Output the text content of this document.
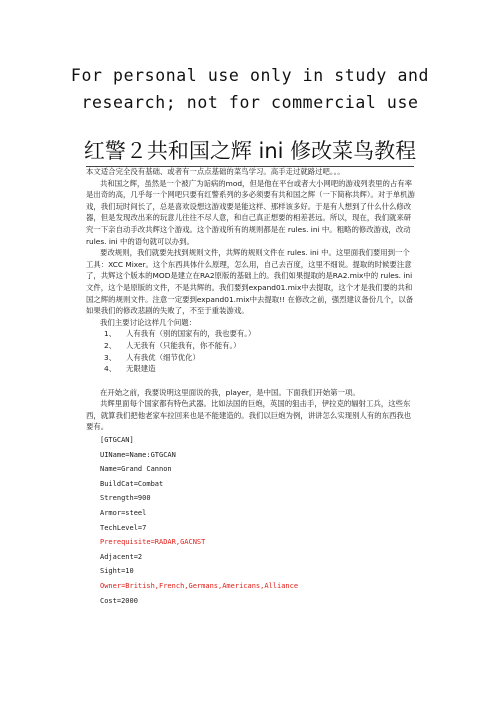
For personal use only in study and
research; not for commercial use
红警２共和国之辉 ini 修改菜鸟教程

本文适合完全没有基础、或者有一点点基础的菜鸟学习。高手走过就路过吧。。。

共和国之辉，虽然是一个被广为诟病的mod，但是他在平台或者大小网吧的游戏列表里的占有率是出奇的高，几乎每一个网吧只要有红警系列的多必须要有共和国之辉（一下简称共辉）。对于单机游戏，我们玩时间长了，总是喜欢设想这游戏要是能这样、那样该多好。于是有人想到了什么什么修改器，但是发现改出来的玩意儿往往不尽人意，和自己真正想要的相差甚远。所以，现在，我们就来研究一下亲自动手改共辉这个游戏。这个游戏所有的规则都是在 rules. ini 中。粗略的修改游戏，改动 rules. ini 中的语句就可以办到。

要改规则，我们就要先找到规则文件，共辉的规则文件在 rules. ini 中。这里面我们要用到一个工具：XCC Mixer。这个东西具体什么原理，怎么用，自己去百度，这里不细说。提取的时候要注意了，共辉这个版本的MOD是建立在RA2原版的基础上的。我们如果提取的是RA2.mix中的 rules. ini 文件，这个是原版的文件，不是共辉的。我们要到expand01.mix中去提取，这个才是我们要的共和国之辉的规则文件。注意一定要到expand01.mix中去提取!! 在修改之前，强烈建议备份几个，以备如果我们的修改悲剧的失败了，不至于重装游戏。

我们主要讨论这样几个问题：

1、 人有我有（别的国家有的，我也要有。）
2、 人无我有（只能我有，你不能有。）
3、 人有我优（细节优化）
4、 无限建造

在开始之前，我要说明这里面说的我，player，是中国。下面我们开始第一项。

共辉里面每个国家都有特色武器。比如法国的巨炮，英国的狙击手，伊拉克的辐射工兵，这些东西，就算我们把他老家车拉回来也是不能建造的。我们以巨炮为例，讲讲怎么实现别人有的东西我也要有。

[GTGCAN]
UIName=Name:GTGCAN
Name=Grand Cannon
BuildCat=Combat
Strength=900
Armor=steel
TechLevel=7
Prerequisite=RADAR,GACNST
Adjacent=2
Sight=10
Owner=British,French,Germans,Americans,Alliance
Cost=2000
